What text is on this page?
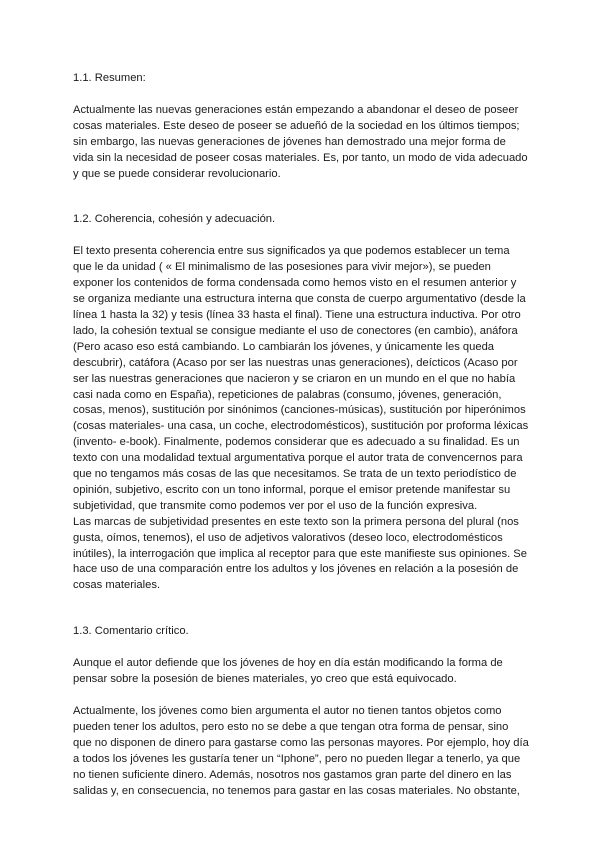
1.1. Resumen:

Actualmente las nuevas generaciones están empezando a abandonar el deseo de poseer cosas materiales. Este deseo de poseer se adueñó de la sociedad en los últimos tiempos; sin embargo, las nuevas generaciones de jóvenes han demostrado una mejor forma de vida sin la necesidad de poseer cosas materiales. Es, por tanto, un modo de vida adecuado y que se puede considerar revolucionario.

1.2. Coherencia, cohesión y adecuación.

El texto presenta coherencia entre sus significados ya que podemos establecer un tema que le da unidad ( « El minimalismo de las posesiones para vivir mejor»), se pueden exponer los contenidos de forma condensada como hemos visto en el resumen anterior y se organiza mediante una estructura interna que consta de cuerpo argumentativo (desde la línea 1 hasta la 32) y tesis (línea 33 hasta el final). Tiene una estructura inductiva. Por otro lado, la cohesión textual se consigue mediante el uso de conectores (en cambio), anáfora (Pero acaso eso está cambiando. Lo cambiarán los jóvenes, y únicamente les queda descubrir), catáfora (Acaso por ser las nuestras unas generaciones), deícticos (Acaso por ser las nuestras generaciones que nacieron y se criaron en un mundo en el que no había casi nada como en España), repeticiones de palabras (consumo, jóvenes, generación, cosas, menos), sustitución por sinónimos (canciones-músicas), sustitución por hiperónimos (cosas materiales- una casa, un coche, electrodomésticos), sustitución por proforma léxicas (invento- e-book). Finalmente, podemos considerar que es adecuado a su finalidad. Es un texto con una modalidad textual argumentativa porque el autor trata de convencernos para que no tengamos más cosas de las que necesitamos. Se trata de un texto periodístico de opinión, subjetivo, escrito con un tono informal, porque el emisor pretende manifestar su subjetividad, que transmite como podemos ver por el uso de la función expresiva.

Las marcas de subjetividad presentes en este texto son la primera persona del plural (nos gusta, oímos, tenemos), el uso de adjetivos valorativos (deseo loco, electrodomésticos inútiles), la interrogación que implica al receptor para que este manifieste sus opiniones. Se hace uso de una comparación entre los adultos y los jóvenes en relación a la posesión de cosas materiales.

1.3. Comentario crítico.

Aunque el autor defiende que los jóvenes de hoy en día están modificando la forma de pensar sobre la posesión de bienes materiales, yo creo que está equivocado.

Actualmente, los jóvenes como bien argumenta el autor no tienen tantos objetos como pueden tener los adultos, pero esto no se debe a que tengan otra forma de pensar, sino que no disponen de dinero para gastarse como las personas mayores. Por ejemplo, hoy día a todos los jóvenes les gustaría tener un “Iphone”, pero no pueden llegar a tenerlo, ya que no tienen suficiente dinero. Además, nosotros nos gastamos gran parte del dinero en las salidas y, en consecuencia, no tenemos para gastar en las cosas materiales. No obstante,
